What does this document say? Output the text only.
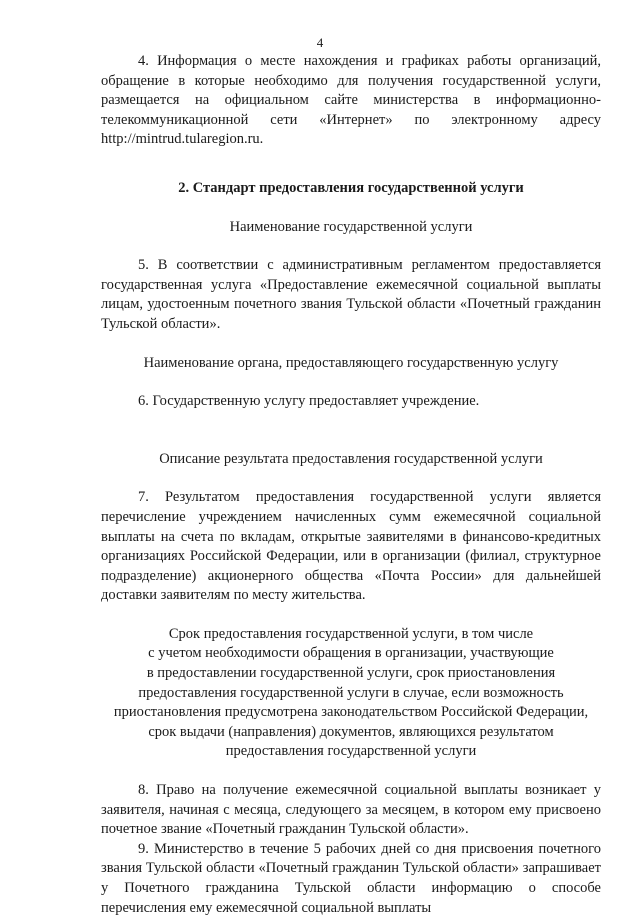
4

4. Информация о месте нахождения и графиках работы организаций, обращение в которые необходимо для получения государственной услуги, размещается на официальном сайте министерства в информационно-телекоммуникационной сети «Интернет» по электронному адресу http://mintrud.tularegion.ru.

2. Стандарт предоставления государственной услуги

Наименование государственной услуги

5. В соответствии с административным регламентом предоставляется государственная услуга «Предоставление ежемесячной социальной выплаты лицам, удостоенным почетного звания Тульской области «Почетный гражданин Тульской области».

Наименование органа, предоставляющего государственную услугу

6. Государственную услугу предоставляет учреждение.

Описание результата предоставления государственной услуги

7. Результатом предоставления государственной услуги является перечисление учреждением начисленных сумм ежемесячной социальной выплаты на счета по вкладам, открытые заявителями в финансово-кредитных организациях Российской Федерации, или в организации (филиал, структурное подразделение) акционерного общества «Почта России» для дальнейшей доставки заявителям по месту жительства.

Срок предоставления государственной услуги, в том числе
с учетом необходимости обращения в организации, участвующие
в предоставлении государственной услуги, срок приостановления
предоставления государственной услуги в случае, если возможность
приостановления предусмотрена законодательством Российской Федерации,
срок выдачи (направления) документов, являющихся результатом
предоставления государственной услуги

8. Право на получение ежемесячной социальной выплаты возникает у заявителя, начиная с месяца, следующего за месяцем, в котором ему присвоено почетное звание «Почетный гражданин Тульской области».

9. Министерство в течение 5 рабочих дней со дня присвоения почетного звания Тульской области «Почетный гражданин Тульской области» запрашивает у Почетного гражданина Тульской области информацию о способе перечисления ему ежемесячной социальной выплаты
